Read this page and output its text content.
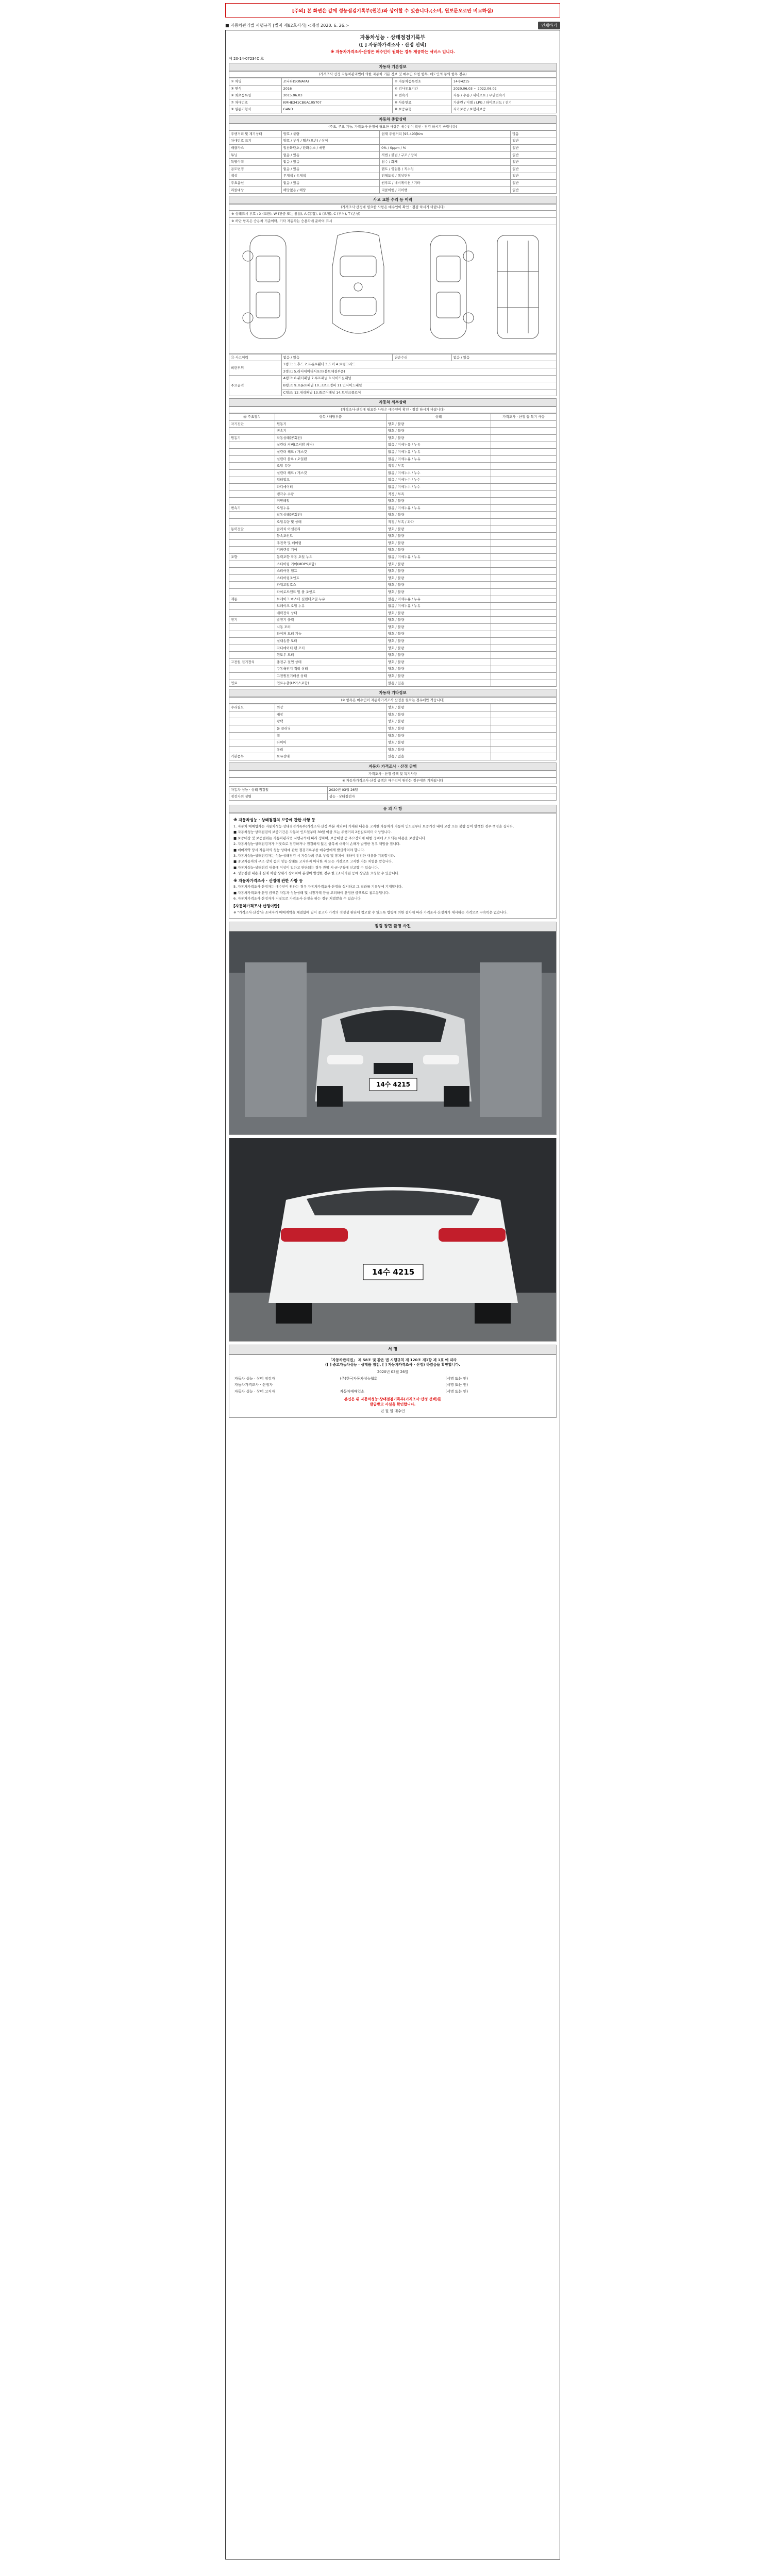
[주의] 본 화면은 값에 성능점검기록부(원본)와 상이할 수 있습니다.(소비, 원보문오로만 비교하십)
■ 자동차관리법 시행규칙 [별지 제82호서식] <개정 2020. 6. 26.>	인쇄하기
자동차성능 · 상태점검기록부
([ ] 자동차가격조사 · 산정 선택)
※ 자동차가격조사·산정은 매수인이 원하는 경우 제공하는 서비스 입니다.
제 20-14-07234C 호
자동차 기본정보
(가격조사·산정 자동차관리법에 의한 자동차 기본 정보 및 매수인 요청 항목, 매도인의 동의 항목 경유)
① 차명	쏘나타(SONATA)	② 자동차등록번호	14수4215
③ 연식	2016	④ 검사유효기간	2020.06.03 ~ 2022.06.02
⑤ 최초등록일	2015.06.03	⑥ 변속기	자동 / 수동 / 세미오토 / 무단변속기
⑦ 차대번호	KMHE341CBGA105707	⑧ 사용연료	가솔린 / 디젤 / LPG / 하이브리드 / 전기
⑨ 원동기형식	G4ND	⑩ 보증유형	자가보증 / 보험사보증
자동차 종합상태
(주요, 주요 기능, 가격조사·산정에 필요한 사항은 매수인이 확인 · 점검 하시기 바랍니다)
주행거리 및 계기상태	양호 / 불량	현재 주행거리 [95,493]Km	많음
차대번호 표기	양호 / 부식 / 훼손(오손) / 상이		일반
배출가스	일산화탄소 / 탄화수소 / 매연	0% / 0ppm / %	일반
튜닝	없음 / 있음	적법 / 불법 / 구조 / 장치	일반
특별이력	없음 / 있음	침수 / 화재	일반
용도변경	없음 / 있음	렌트 / 영업용 / 직수입	일반
색상	무채색 / 유채색	전체도색 / 색상변경	일반
주요옵션	없음 / 있음	썬루프 / 네비게이션 / 기타	일반
리콜대상	해당없음 / 해당	리콜이행 / 미이행	일반
사고 교환 수리 등 이력
(가격조사·산정에 필요한 사항은 매수인이 확인 · 점검 하시기 바랍니다)
※ 상태표시 부호 : X (교환), W (판금 또는 용접), A (흠집), U (요철), C (부식), T (손상)
※ 하단 항목은 승용차 기준이며, 기타 자동차는 승용차에 준하여 표시
⑪ 사고이력	없음 / 있음	단순수리	없음 / 있음
외판부위	1랭크: 1.후드 2.프론트휀더 3.도어 4.트렁크리드		
	2랭크: 5.라디에이터서포트(볼트체결부품)		
주요골격	A랭크: 6.쿼터패널 7.루프패널 8.사이드실패널		
	B랭크: 9.프론트패널 10.크로스멤버 11.인사이드패널		
	C랭크: 12.대쉬패널 13.플로어패널 14.트렁크플로어		
자동차 세부상태
(가격조사·산정에 필요한 사항은 매수인이 확인 · 점검 하시기 바랍니다)
⑫ 주요장치	항목 / 해당부품	상태	가격조사 · 산정 등 특기 사항
자기진단	원동기	양호 / 불량	
	변속기	양호 / 불량	
원동기	작동상태(공회전)	양호 / 불량	
	실린더 커버(로커암 커버)	없음 / 미세누유 / 누유	
	실린더 헤드 / 개스킷	없음 / 미세누유 / 누유	
	실린더 블록 / 오일팬	없음 / 미세누유 / 누유	
	오일 유량	적정 / 부족	
	실린더 헤드 / 개스킷	없음 / 미세누수 / 누수	
	워터펌프	없음 / 미세누수 / 누수	
	라디에이터	없음 / 미세누수 / 누수	
	냉각수 수량	적정 / 부족	
	커먼레일	양호 / 불량	
변속기	오일누유	없음 / 미세누유 / 누유	
	작동상태(공회전)	양호 / 불량	
	오일유량 및 상태	적정 / 부족 / 과다	
동력전달	클러치 어셈블리	양호 / 불량	
	등속조인트	양호 / 불량	
	추진축 및 베어링	양호 / 불량	
	디퍼렌셜 기어	양호 / 불량	
조향	동력조향 작동 오일 누유	없음 / 미세누유 / 누유	
	스티어링 기어(MDPS포함)	양호 / 불량	
	스티어링 펌프	양호 / 불량	
	스티어링조인트	양호 / 불량	
	파워고압호스	양호 / 불량	
	타이로드엔드 및 볼 조인트	양호 / 불량	
제동	브레이크 마스터 실린더오일 누유	없음 / 미세누유 / 누유	
	브레이크 오일 누유	없음 / 미세누유 / 누유	
	배력장치 상태	양호 / 불량	
전기	발전기 출력	양호 / 불량	
	시동 모터	양호 / 불량	
	와이퍼 모터 기능	양호 / 불량	
	실내송풍 모터	양호 / 불량	
	라디에이터 팬 모터	양호 / 불량	
	윈도우 모터	양호 / 불량	
고전원 전기장치	충전구 절연 상태	양호 / 불량	
	구동축전지 격리 상태	양호 / 불량	
	고전원전기배선 상태	양호 / 불량	
연료	연료누출(LP가스포함)	없음 / 있음	
자동차 기타정보
(※ 항목은 매수인이 자동차가격조사·산정을 원하는 경우에만 적습니다)
수리필요	외장	양호 / 불량	
	내장	양호 / 불량	
	광택	양호 / 불량	
	룸 클리닝	양호 / 불량	
	휠	양호 / 불량	
	타이어	양호 / 불량	
	유리	양호 / 불량	
기본품목	보유상태	있음 / 없음	
자동차 가격조사 · 산정 금액
가격조사 · 산정 금액 및 특기사항
※ 자동차가격조사·산정 금액은 매수인이 원하는 경우에만 기재됩니다
자동차 성능 · 상태 점검일	2020년 03월 26일
점검자의 성명	성능 · 상태점검자
유 의 사 항
※ 자동차성능 · 상태점검의 보증에 관한 사항 등

1. 자동차 매매업자는 자동차성능·상태점검기록부(가격조사·산정 부분 제외)에 기재된 내용을 고지한 자동차가 자동차 인도일부터 보증기간 내에 고장 또는 불량 등이 발생한 경우 책임을 집니다.

■ 자동차성능·상태점검의 보증기간은 자동차 인도일부터 30일 이상 또는 주행거리 2천킬로미터 이상입니다.

■ 보증대상 및 보증범위는 자동차관리법 시행규칙에 따라 정하며, 보증대상 중 주요장치에 대한 정비에 소요되는 비용을 보상합니다.

2. 자동차성능·상태점검자가 거짓으로 점검하거나 점검하지 않은 항목에 대하여 손해가 발생한 경우 책임을 집니다.

■ 매매계약 당시 자동차의 성능·상태에 관한 점검기록부를 매수인에게 발급하여야 합니다.

3. 자동차성능·상태점검자는 성능·상태점검 시 자동차의 주요 부품 및 장치에 대하여 점검한 내용을 기록합니다.

■ 중고자동차의 구조·장치 등의 성능·상태를 고지하지 아니한 자 또는 거짓으로 고지한 자는 처벌을 받습니다.

■ 자동차성능·상태점검 내용에 이상이 있다고 판단되는 경우 관할 시·군·구청에 신고할 수 있습니다.

4. 성능점검 내용과 실제 차량 상태가 상이하여 분쟁이 발생한 경우 한국소비자원 등에 상담을 요청할 수 있습니다.

※ 자동차가격조사 · 산정에 관한 사항 등

5. 자동차가격조사·산정자는 매수인이 원하는 경우 자동차가격조사·산정을 실시하고 그 결과를 기록부에 기재합니다.

■ 자동차가격조사·산정 금액은 자동차 성능상태 및 시장가격 등을 고려하여 산정한 금액으로 참고용입니다.

6. 자동차가격조사·산정자가 거짓으로 가격조사·산정을 하는 경우 처벌받을 수 있습니다.

[자동차가격조사 산정이란]

※ "가격조사·산정"은 소비자가 매매계약을 체결함에 있어 중고차 가격의 적정성 판단에 참고할 수 있도록 법령에 의한 절차에 따라 가격조사·산정자가 제시하는 가격으로 구속력은 없습니다.

점검 장면 촬영 사진
14수 4215
14수 4215
서 명
「자동차관리법」 제 58조 및 같은 법 시행규칙 제 120조 제1항 제 1호 에 따라
([ ] 중고자동차성능 · 상태를 점검, [ ] 자동차가격조사 · 산정) 하였음을 확인합니다.
2020년 03월 26일
자동차 성능 · 상태 점검자	(주)한국자동차성능협회	(서명 또는 인)
자동차가격조사 · 산정자	(서명 또는 인)
자동차 성능 · 상태 고지자	자동차매매업소	(서명 또는 인)
본인은 위 자동차성능·상태점검기록부(가격조사·산정 선택)를
발급받고 사실을 확인합니다.
년 월 일 매수인
